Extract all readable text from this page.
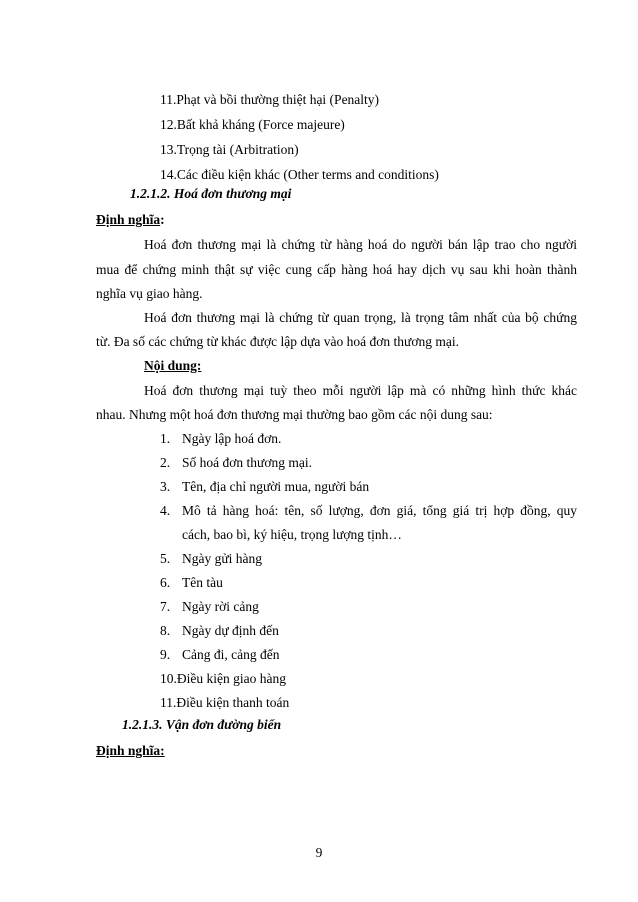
11.Phạt và bồi thường thiệt hại (Penalty)
12.Bất khả kháng (Force majeure)
13.Trọng tài (Arbitration)
14.Các điều kiện khác (Other terms and conditions)
1.2.1.2. Hoá đơn thương mại
Định nghĩa:
Hoá đơn thương mại là chứng từ hàng hoá do người bán lập trao cho người
mua để chứng minh thật sự việc cung cấp hàng hoá hay dịch vụ sau khi hoàn thành
nghĩa vụ giao hàng.
Hoá đơn thương mại là chứng từ quan trọng, là trọng tâm nhất của bộ chứng
từ. Đa số các chứng từ khác được lập dựa vào hoá đơn thương mại.
Nội dung:
Hoá đơn thương mại tuỳ theo mỗi người lập mà có những hình thức khác
nhau. Nhưng một hoá đơn thương mại thường bao gồm các nội dung sau:
1. Ngày lập hoá đơn.
2. Số hoá đơn thương mại.
3. Tên, địa chỉ người mua, người bán
4. Mô tả hàng hoá: tên, số lượng, đơn giá, tổng giá trị hợp đồng, quy
cách, bao bì, ký hiệu, trọng lượng tịnh…
5. Ngày gửi hàng
6. Tên tàu
7. Ngày rời cảng
8. Ngày dự định đến
9. Cảng đi, cảng đến
10.Điều kiện giao hàng
11.Điều kiện thanh toán
1.2.1.3. Vận đơn đường biển
Định nghĩa:
9
